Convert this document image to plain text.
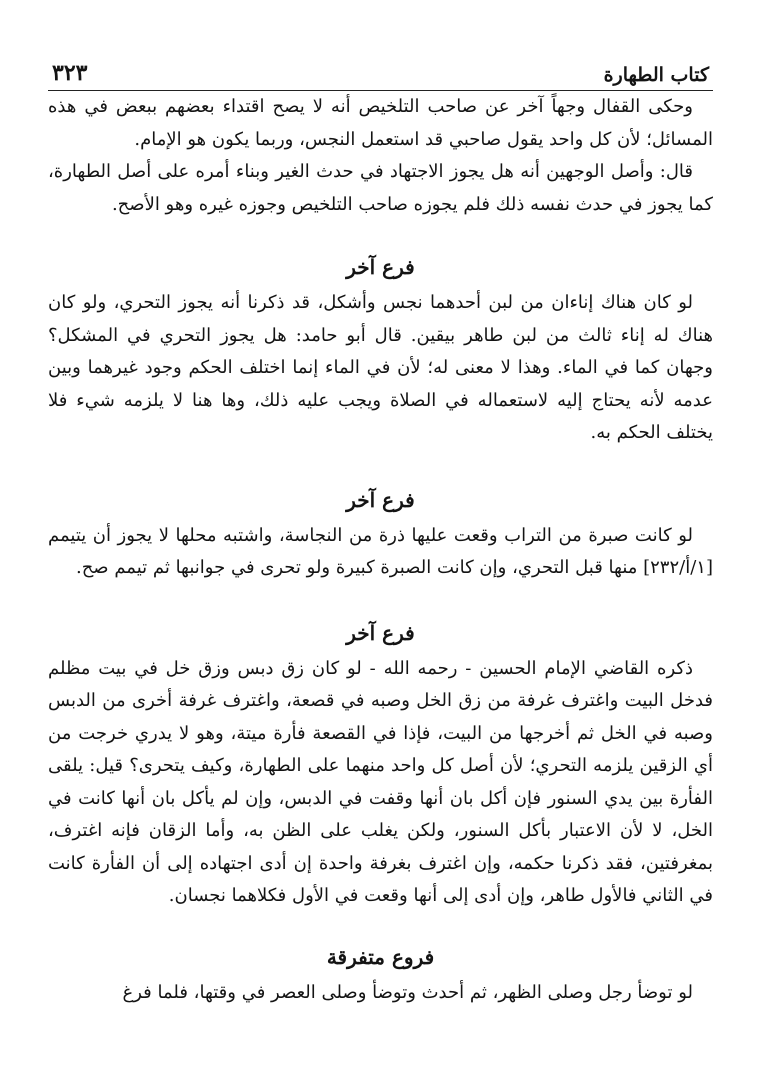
كتاب الطهارة
٣٢٣

وحكى القفال وجهاً آخر عن صاحب التلخيص أنه لا يصح اقتداء بعضهم ببعض في هذه المسائل؛ لأن كل واحد يقول صاحبي قد استعمل النجس، وربما يكون هو الإمام.

قال: وأصل الوجهين أنه هل يجوز الاجتهاد في حدث الغير وبناء أمره على أصل الطهارة، كما يجوز في حدث نفسه ذلك فلم يجوزه صاحب التلخيص وجوزه غيره وهو الأصح.

فرع آخر

لو كان هناك إناءان من لبن أحدهما نجس وأشكل، قد ذكرنا أنه يجوز التحري، ولو كان هناك له إناء ثالث من لبن طاهر بيقين. قال أبو حامد: هل يجوز التحري في المشكل؟ وجهان كما في الماء. وهذا لا معنى له؛ لأن في الماء إنما اختلف الحكم وجود غيرهما وبين عدمه لأنه يحتاج إليه لاستعماله في الصلاة ويجب عليه ذلك، وها هنا لا يلزمه شيء فلا يختلف الحكم به.

فرع آخر

لو كانت صبرة من التراب وقعت عليها ذرة من النجاسة، واشتبه محلها لا يجوز أن يتيمم [١/أ/٢٣٢] منها قبل التحري، وإن كانت الصبرة كبيرة ولو تحرى في جوانبها ثم تيمم صح.

فرع آخر

ذكره القاضي الإمام الحسين - رحمه الله - لو كان زق دبس وزق خل في بيت مظلم فدخل البيت واغترف غرفة من زق الخل وصبه في قصعة، واغترف غرفة أخرى من الدبس وصبه في الخل ثم أخرجها من البيت، فإذا في القصعة فأرة ميتة، وهو لا يدري خرجت من أي الزقين يلزمه التحري؛ لأن أصل كل واحد منهما على الطهارة، وكيف يتحرى؟ قيل: يلقى الفأرة بين يدي السنور فإن أكل بان أنها وقفت في الدبس، وإن لم يأكل بان أنها كانت في الخل، لا لأن الاعتبار بأكل السنور، ولكن يغلب على الظن به، وأما الزقان فإنه اغترف، بمغرفتين، فقد ذكرنا حكمه، وإن اغترف بغرفة واحدة إن أدى اجتهاده إلى أن الفأرة كانت في الثاني فالأول طاهر، وإن أدى إلى أنها وقعت في الأول فكلاهما نجسان.

فروع متفرقة

لو توضأ رجل وصلى الظهر، ثم أحدث وتوضأ وصلى العصر في وقتها، فلما فرغ
